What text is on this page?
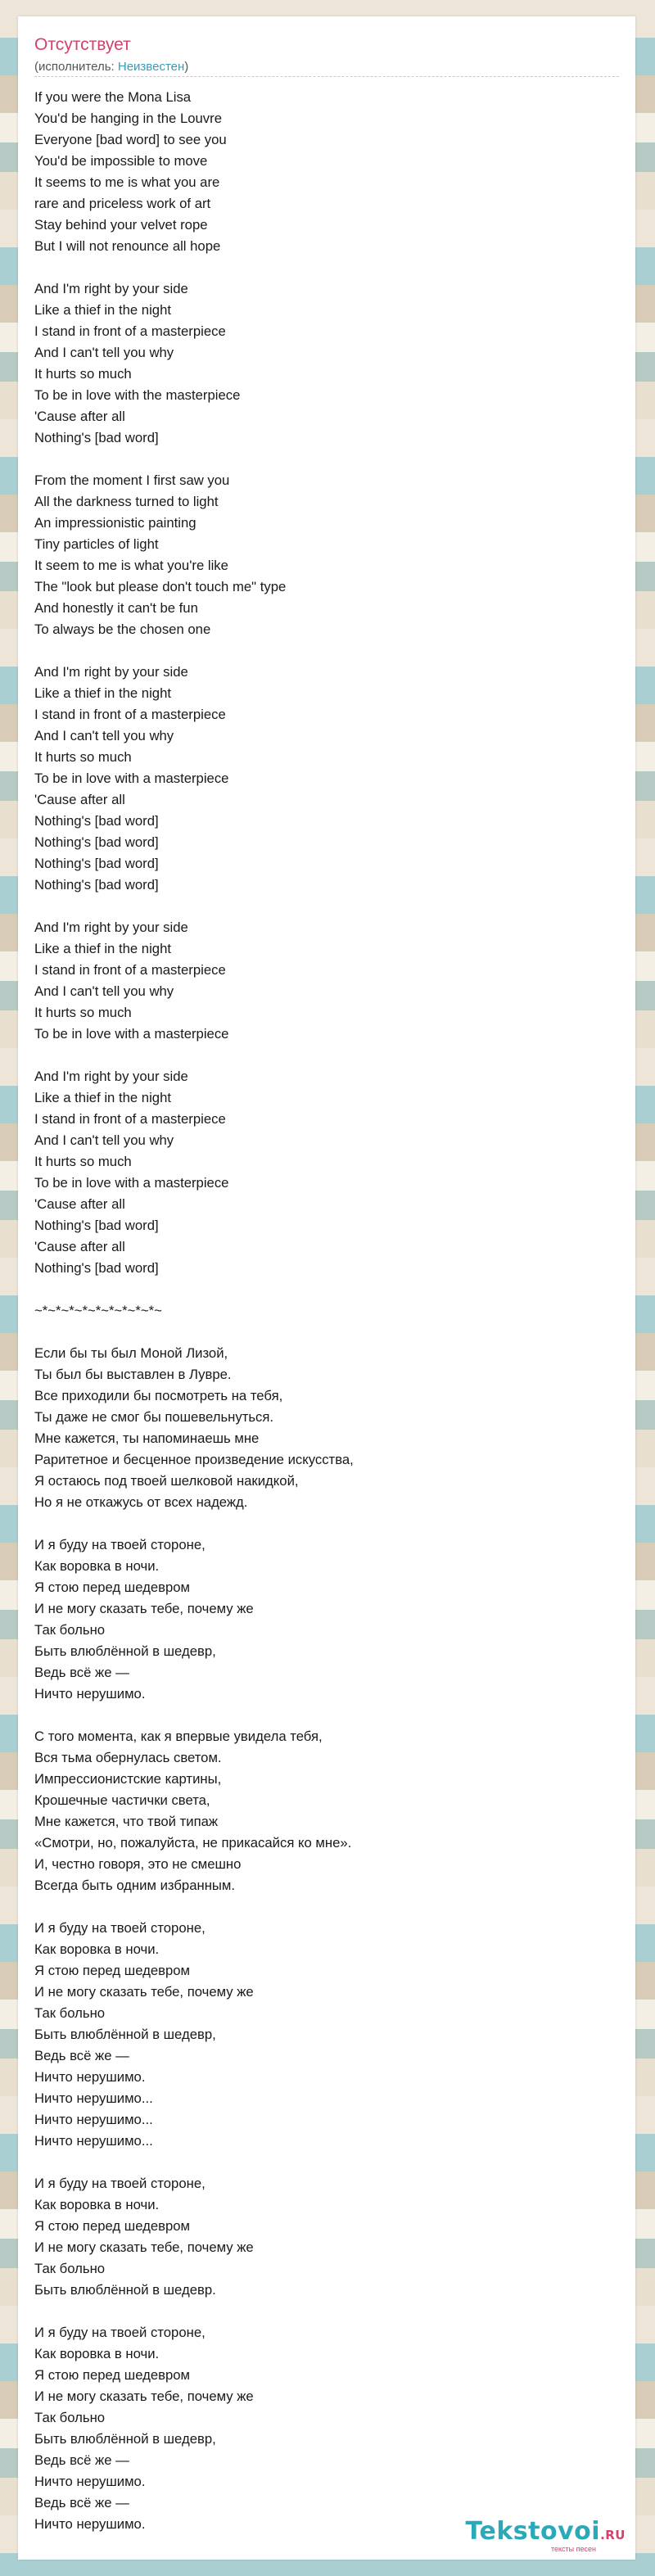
Отсутствует
(исполнитель: Неизвестен)
If you were the Mona Lisa
You'd be hanging in the Louvre
Everyone [bad word] to see you
You'd be impossible to move
It seems to me is what you are
rare and priceless work of art
Stay behind your velvet rope
But I will not renounce all hope
And I'm right by your side
Like a thief in the night
I stand in front of a masterpiece
And I can't tell you why
It hurts so much
To be in love with the masterpiece
'Cause after all
Nothing's [bad word]
From the moment I first saw you
All the darkness turned to light
An impressionistic painting
Tiny particles of light
It seem to me is what you're like
The "look but please don't touch me" type
And honestly it can't be fun
To always be the chosen one
And I'm right by your side
Like a thief in the night
I stand in front of a masterpiece
And I can't tell you why
It hurts so much
To be in love with a masterpiece
'Cause after all
Nothing's [bad word]
Nothing's [bad word]
Nothing's [bad word]
Nothing's [bad word]
And I'm right by your side
Like a thief in the night
I stand in front of a masterpiece
And I can't tell you why
It hurts so much
To be in love with a masterpiece
And I'm right by your side
Like a thief in the night
I stand in front of a masterpiece
And I can't tell you why
It hurts so much
To be in love with a masterpiece
'Cause after all
Nothing's [bad word]
'Cause after all
Nothing's [bad word]
~*~*~*~*~*~*~*~*~*~
Если бы ты был Моной Лизой,
Ты был бы выставлен в Лувре.
Все приходили бы посмотреть на тебя,
Ты даже не смог бы пошевельнуться.
Мне кажется, ты напоминаешь мне
Раритетное и бесценное произведение искусства,
Я остаюсь под твоей шелковой накидкой,
Но я не откажусь от всех надежд.
И я буду на твоей стороне,
Как воровка в ночи.
Я стою перед шедевром
И не могу сказать тебе, почему же
Так больно
Быть влюблённой в шедевр,
Ведь всё же —
Ничто нерушимо.
С того момента, как я впервые увидела тебя,
Вся тьма обернулась светом.
Импрессионистские картины,
Крошечные частички света,
Мне кажется, что твой типаж
«Смотри, но, пожалуйста, не прикасайся ко мне».
И, честно говоря, это не смешно
Всегда быть одним избранным.
И я буду на твоей стороне,
Как воровка в ночи.
Я стою перед шедевром
И не могу сказать тебе, почему же
Так больно
Быть влюблённой в шедевр,
Ведь всё же —
Ничто нерушимо.
Ничто нерушимо...
Ничто нерушимо...
Ничто нерушимо...
И я буду на твоей стороне,
Как воровка в ночи.
Я стою перед шедевром
И не могу сказать тебе, почему же
Так больно
Быть влюблённой в шедевр.
И я буду на твоей стороне,
Как воровка в ночи.
Я стою перед шедевром
И не могу сказать тебе, почему же
Так больно
Быть влюблённой в шедевр,
Ведь всё же —
Ничто нерушимо.
Ведь всё же —
Ничто нерушимо.	Tekstovoi.RU
тексты песен
